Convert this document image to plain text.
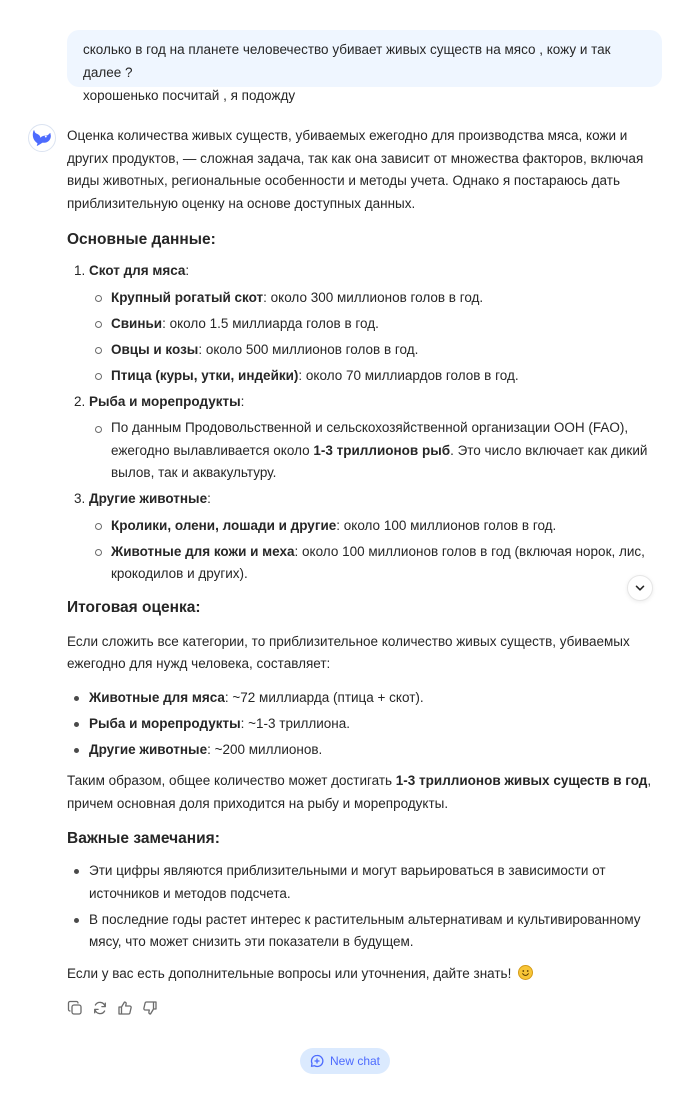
сколько в год на планете человечество убивает живых существ на мясо , кожу и так далее ?
хорошенько посчитай , я подожду

Оценка количества живых существ, убиваемых ежегодно для производства мяса, кожи и других продуктов, — сложная задача, так как она зависит от множества факторов, включая виды животных, региональные особенности и методы учета. Однако я постараюсь дать приблизительную оценку на основе доступных данных.

Основные данные:
1. Скот для мяса:
Крупный рогатый скот: около 300 миллионов голов в год.
Свиньи: около 1.5 миллиарда голов в год.
Овцы и козы: около 500 миллионов голов в год.
Птица (куры, утки, индейки): около 70 миллиардов голов в год.
2. Рыба и морепродукты:
По данным Продовольственной и сельскохозяйственной организации ООН (FAO), ежегодно вылавливается около 1-3 триллионов рыб. Это число включает как дикий вылов, так и аквакультуру.
3. Другие животные:
Кролики, олени, лошади и другие: около 100 миллионов голов в год.
Животные для кожи и меха: около 100 миллионов голов в год (включая норок, лис, крокодилов и других).
Итоговая оценка:

Если сложить все категории, то приблизительное количество живых существ, убиваемых ежегодно для нужд человека, составляет:

Животные для мяса: ~72 миллиарда (птица + скот).
Рыба и морепродукты: ~1-3 триллиона.
Другие животные: ~200 миллионов.

Таким образом, общее количество может достигать 1-3 триллионов живых существ в год, причем основная доля приходится на рыбу и морепродукты.

Важные замечания:
Эти цифры являются приблизительными и могут варьироваться в зависимости от источников и методов подсчета.
В последние годы растет интерес к растительным альтернативам и культивированному мясу, что может снизить эти показатели в будущем.

Если у вас есть дополнительные вопросы или уточнения, дайте знать!

New chat
